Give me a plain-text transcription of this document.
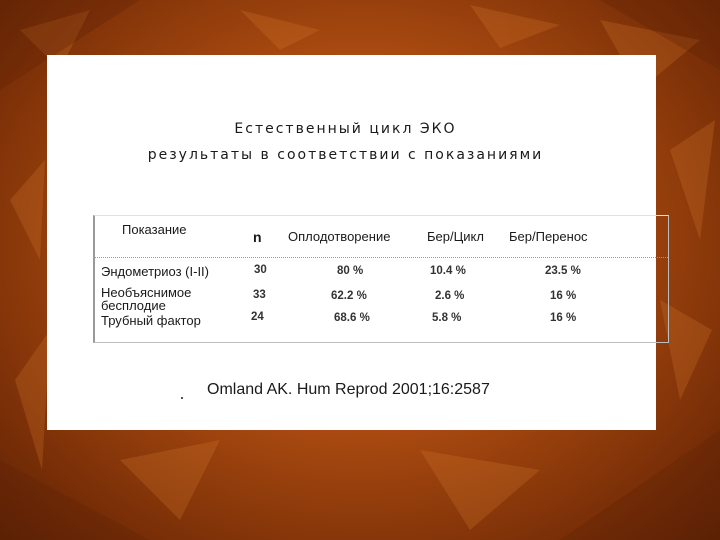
Естественный цикл ЭКО
результаты в соответствии с показаниями
Показание	n Оплодотворение	Бер/Цикл Бер/Перенос
Эндометриоз (I-II)	30	80 %	10.4 %	23.5 %
Необъяснимое
бесплодие
33	62.2 %	2.6 %	16 %
Трубный фактор	24	68.6 %	5.8 %	16 %
Omland AK. Hum Reprod 2001;16:2587
